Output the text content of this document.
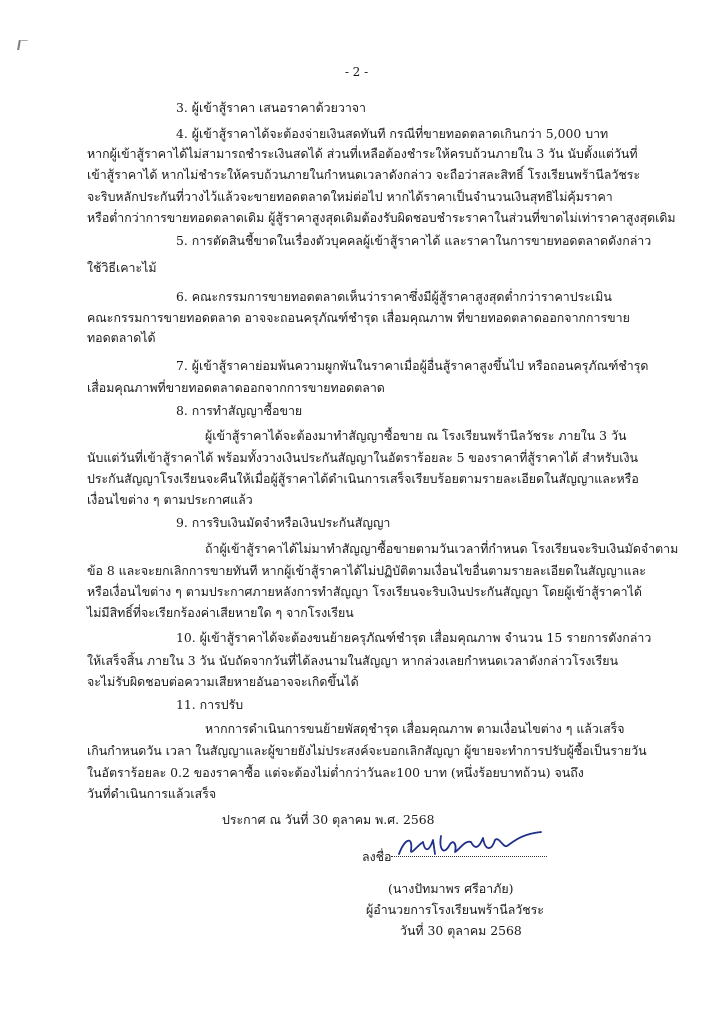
- 2 -
3. ผู้เข้าสู้ราคา เสนอราคาด้วยวาจา
4. ผู้เข้าสู้ราคาได้จะต้องจ่ายเงินสดทันที กรณีที่ขายทอดตลาดเกินกว่า 5,000 บาท
หากผู้เข้าสู้ราคาได้ไม่สามารถชำระเงินสดได้ ส่วนที่เหลือต้องชำระให้ครบถ้วนภายใน 3 วัน นับตั้งแต่วันที่
เข้าสู้ราคาได้ หากไม่ชำระให้ครบถ้วนภายในกำหนดเวลาดังกล่าว จะถือว่าสละสิทธิ์ โรงเรียนพร้านีลวัชระ
จะริบหลักประกันที่วางไว้แล้วจะขายทอดตลาดใหม่ต่อไป หากได้ราคาเป็นจำนวนเงินสุทธิไม่คุ้มราคา
หรือต่ำกว่าการขายทอดตลาดเดิม ผู้สู้ราคาสูงสุดเดิมต้องรับผิดชอบชำระราคาในส่วนที่ขาดไม่เท่าราคาสูงสุดเดิม
5. การตัดสินชี้ขาดในเรื่องตัวบุคคลผู้เข้าสู้ราคาได้ และราคาในการขายทอดตลาดดังกล่าว
ใช้วิธีเคาะไม้
6. คณะกรรมการขายทอดตลาดเห็นว่าราคาซึ่งมีผู้สู้ราคาสูงสุดต่ำกว่าราคาประเมิน
คณะกรรมการขายทอดตลาด อาจจะถอนครุภัณฑ์ชำรุด เสื่อมคุณภาพ ที่ขายทอดตลาดออกจากการขาย
ทอดตลาดได้
7. ผู้เข้าสู้ราคาย่อมพ้นความผูกพันในราคาเมื่อผู้อื่นสู้ราคาสูงขึ้นไป หรือถอนครุภัณฑ์ชำรุด
เสื่อมคุณภาพที่ขายทอดตลาดออกจากการขายทอดตลาด
8. การทำสัญญาซื้อขาย
ผู้เข้าสู้ราคาได้จะต้องมาทำสัญญาซื้อขาย ณ โรงเรียนพร้านีลวัชระ ภายใน 3 วัน
นับแต่วันที่เข้าสู้ราคาได้ พร้อมทั้งวางเงินประกันสัญญาในอัตราร้อยละ 5 ของราคาที่สู้ราคาได้ สำหรับเงิน
ประกันสัญญาโรงเรียนจะคืนให้เมื่อผู้สู้ราคาได้ดำเนินการเสร็จเรียบร้อยตามรายละเอียดในสัญญาและหรือ
เงื่อนไขต่าง ๆ ตามประกาศแล้ว
9. การริบเงินมัดจำหรือเงินประกันสัญญา
ถ้าผู้เข้าสู้ราคาได้ไม่มาทำสัญญาซื้อขายตามวันเวลาที่กำหนด โรงเรียนจะริบเงินมัดจำตาม
ข้อ 8 และจะยกเลิกการขายทันที หากผู้เข้าสู้ราคาได้ไม่ปฏิบัติตามเงื่อนไขอื่นตามรายละเอียดในสัญญาและ
หรือเงื่อนไขต่าง ๆ ตามประกาศภายหลังการทำสัญญา โรงเรียนจะริบเงินประกันสัญญา โดยผู้เข้าสู้ราคาได้
ไม่มีสิทธิ์ที่จะเรียกร้องค่าเสียหายใด ๆ จากโรงเรียน
10. ผู้เข้าสู้ราคาได้จะต้องขนย้ายครุภัณฑ์ชำรุด เสื่อมคุณภาพ จำนวน 15 รายการดังกล่าว
ให้เสร็จสิ้น ภายใน 3 วัน นับถัดจากวันที่ได้ลงนามในสัญญา หากล่วงเลยกำหนดเวลาดังกล่าวโรงเรียน
จะไม่รับผิดชอบต่อความเสียหายอันอาจจะเกิดขึ้นได้
11. การปรับ
หากการดำเนินการขนย้ายพัสดุชำรุด เสื่อมคุณภาพ ตามเงื่อนไขต่าง ๆ แล้วเสร็จ
เกินกำหนดวัน เวลา ในสัญญาและผู้ขายยังไม่ประสงค์จะบอกเลิกสัญญา ผู้ขายจะทำการปรับผู้ซื้อเป็นรายวัน
ในอัตราร้อยละ 0.2 ของราคาซื้อ แต่จะต้องไม่ต่ำกว่าวันละ100 บาท (หนึ่งร้อยบาทถ้วน) จนถึง
วันที่ดำเนินการแล้วเสร็จ
ประกาศ ณ วันที่ 30 ตุลาคม พ.ศ. 2568
ลงชื่อ
(นางปัทมาพร ศรีอาภัย)
ผู้อำนวยการโรงเรียนพร้านีลวัชระ
วันที่ 30 ตุลาคม 2568
